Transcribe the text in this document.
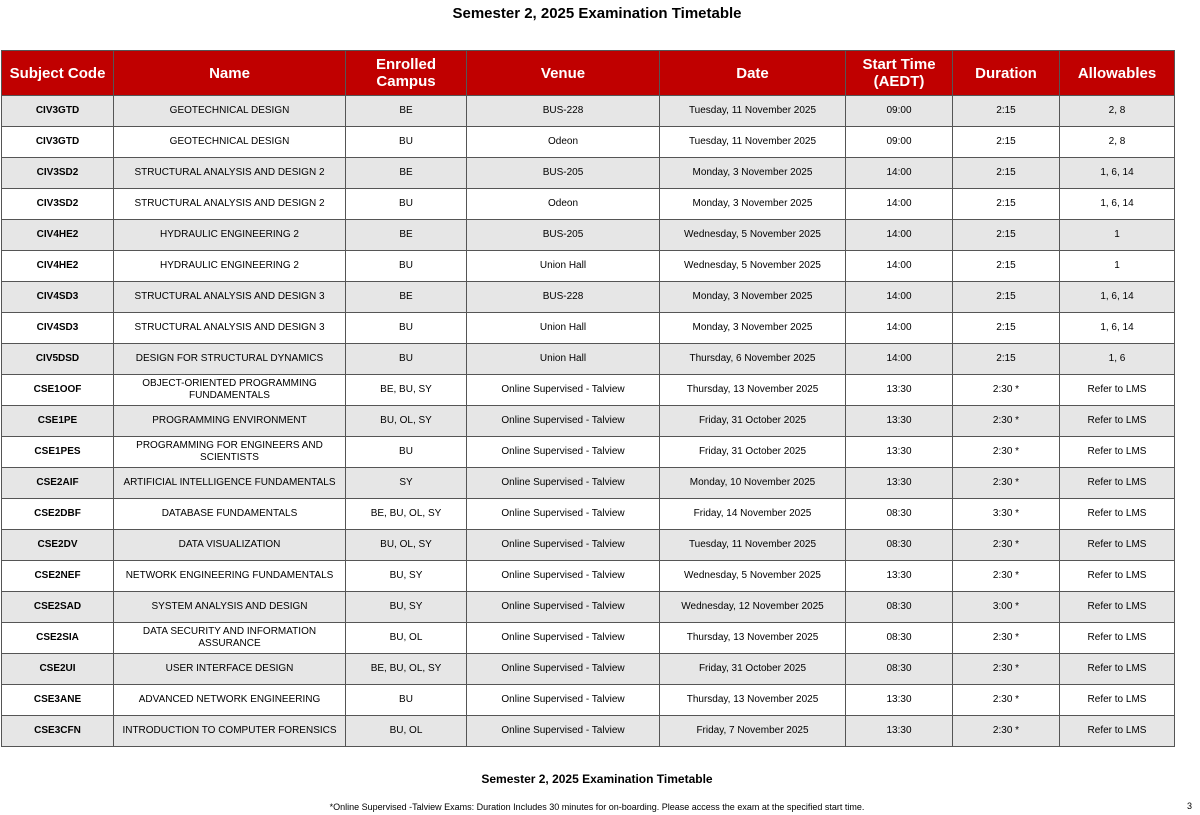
Semester 2, 2025 Examination Timetable
Subject Code	Name	Enrolled Campus	Venue	Date	Start Time (AEDT)	Duration	Allowables
CIV3GTD	GEOTECHNICAL DESIGN	BE	BUS-228	Tuesday, 11 November 2025	09:00	2:15	2, 8
CIV3GTD	GEOTECHNICAL DESIGN	BU	Odeon	Tuesday, 11 November 2025	09:00	2:15	2, 8
CIV3SD2	STRUCTURAL ANALYSIS AND DESIGN 2	BE	BUS-205	Monday, 3 November 2025	14:00	2:15	1, 6, 14
CIV3SD2	STRUCTURAL ANALYSIS AND DESIGN 2	BU	Odeon	Monday, 3 November 2025	14:00	2:15	1, 6, 14
CIV4HE2	HYDRAULIC ENGINEERING 2	BE	BUS-205	Wednesday, 5 November 2025	14:00	2:15	1
CIV4HE2	HYDRAULIC ENGINEERING 2	BU	Union Hall	Wednesday, 5 November 2025	14:00	2:15	1
CIV4SD3	STRUCTURAL ANALYSIS AND DESIGN 3	BE	BUS-228	Monday, 3 November 2025	14:00	2:15	1, 6, 14
CIV4SD3	STRUCTURAL ANALYSIS AND DESIGN 3	BU	Union Hall	Monday, 3 November 2025	14:00	2:15	1, 6, 14
CIV5DSD	DESIGN FOR STRUCTURAL DYNAMICS	BU	Union Hall	Thursday, 6 November 2025	14:00	2:15	1, 6
CSE1OOF	OBJECT-ORIENTED PROGRAMMING FUNDAMENTALS	BE, BU, SY	Online Supervised - Talview	Thursday, 13 November 2025	13:30	2:30 *	Refer to LMS
CSE1PE	PROGRAMMING ENVIRONMENT	BU, OL, SY	Online Supervised - Talview	Friday, 31 October 2025	13:30	2:30 *	Refer to LMS
CSE1PES	PROGRAMMING FOR ENGINEERS AND SCIENTISTS	BU	Online Supervised - Talview	Friday, 31 October 2025	13:30	2:30 *	Refer to LMS
CSE2AIF	ARTIFICIAL INTELLIGENCE FUNDAMENTALS	SY	Online Supervised - Talview	Monday, 10 November 2025	13:30	2:30 *	Refer to LMS
CSE2DBF	DATABASE FUNDAMENTALS	BE, BU, OL, SY	Online Supervised - Talview	Friday, 14 November 2025	08:30	3:30 *	Refer to LMS
CSE2DV	DATA VISUALIZATION	BU, OL, SY	Online Supervised - Talview	Tuesday, 11 November 2025	08:30	2:30 *	Refer to LMS
CSE2NEF	NETWORK ENGINEERING FUNDAMENTALS	BU, SY	Online Supervised - Talview	Wednesday, 5 November 2025	13:30	2:30 *	Refer to LMS
CSE2SAD	SYSTEM ANALYSIS AND DESIGN	BU, SY	Online Supervised - Talview	Wednesday, 12 November 2025	08:30	3:00 *	Refer to LMS
CSE2SIA	DATA SECURITY AND INFORMATION ASSURANCE	BU, OL	Online Supervised - Talview	Thursday, 13 November 2025	08:30	2:30 *	Refer to LMS
CSE2UI	USER INTERFACE DESIGN	BE, BU, OL, SY	Online Supervised - Talview	Friday, 31 October 2025	08:30	2:30 *	Refer to LMS
CSE3ANE	ADVANCED NETWORK ENGINEERING	BU	Online Supervised - Talview	Thursday, 13 November 2025	13:30	2:30 *	Refer to LMS
CSE3CFN	INTRODUCTION TO COMPUTER FORENSICS	BU, OL	Online Supervised - Talview	Friday, 7 November 2025	13:30	2:30 *	Refer to LMS
Semester 2, 2025 Examination Timetable
*Online Supervised -Talview Exams: Duration Includes 30 minutes for on-boarding. Please access the exam at the specified start time.	3
